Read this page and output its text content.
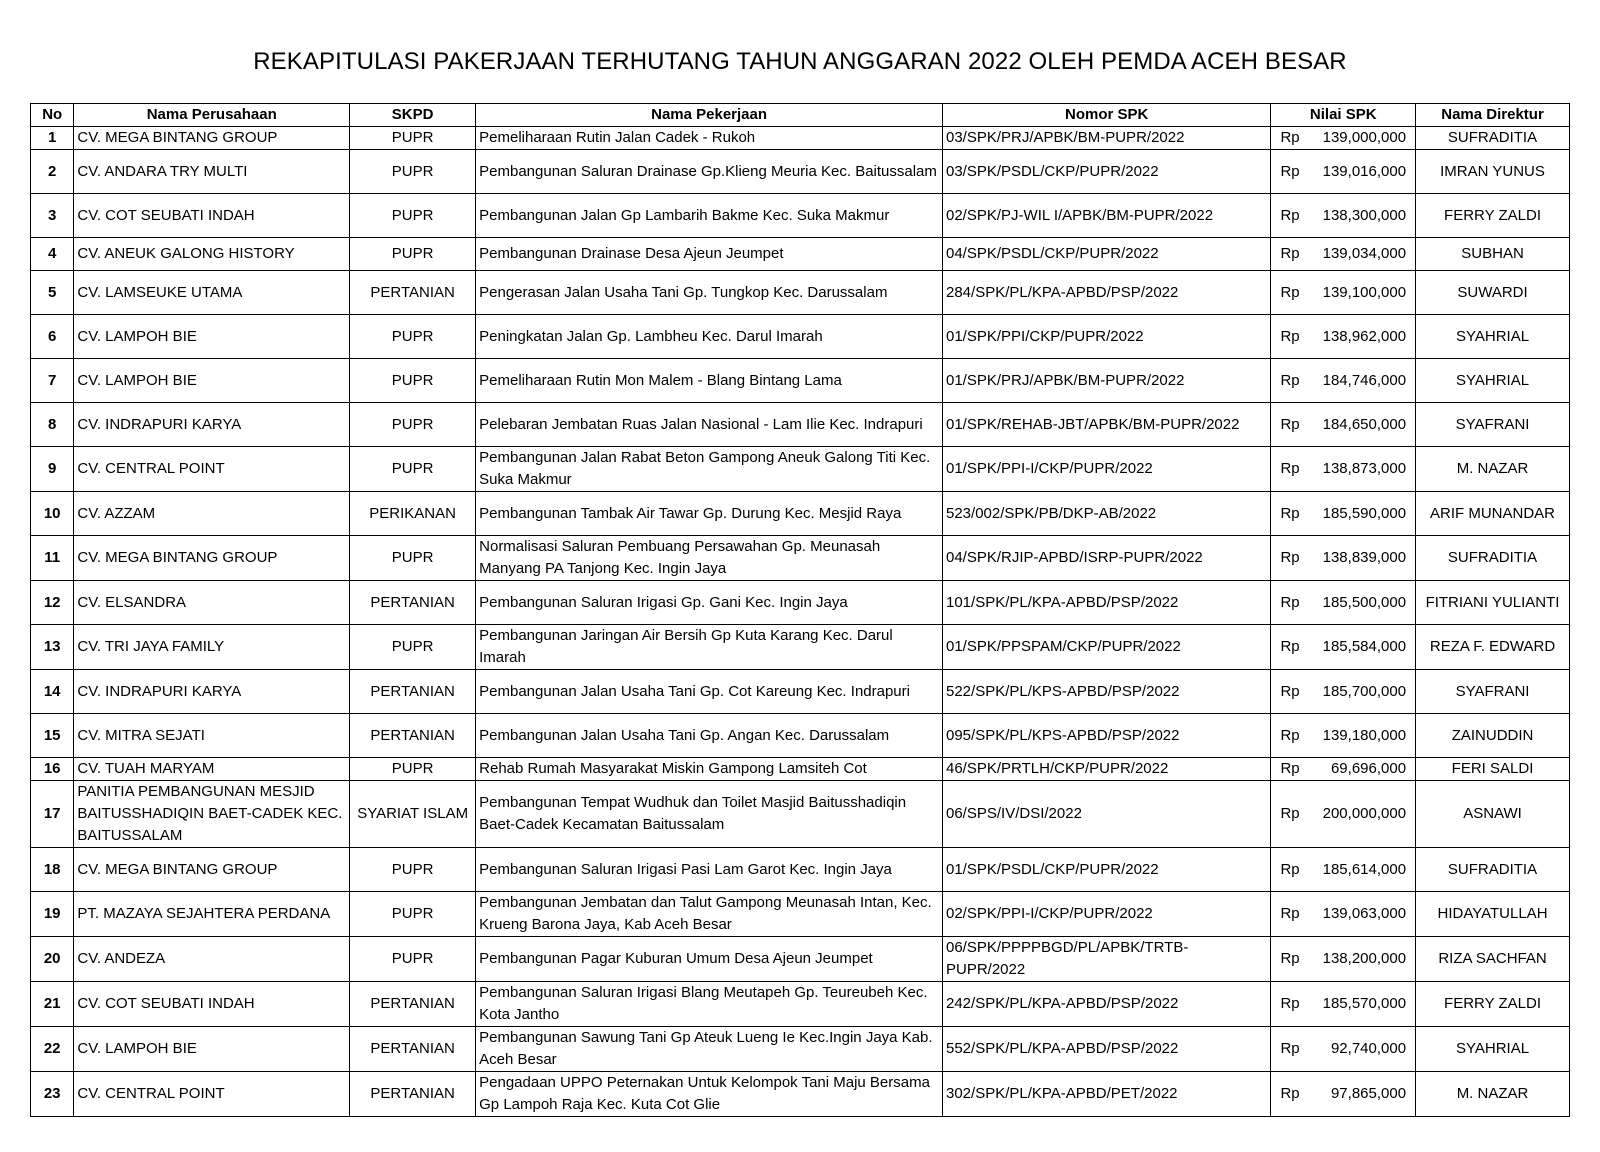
REKAPITULASI PAKERJAAN TERHUTANG TAHUN ANGGARAN 2022 OLEH PEMDA ACEH BESAR
No	Nama Perusahaan	SKPD	Nama Pekerjaan	Nomor SPK	Nilai SPK	Nama Direktur
1	CV. MEGA BINTANG GROUP	PUPR	Pemeliharaan Rutin Jalan Cadek - Rukoh	03/SPK/PRJ/APBK/BM-PUPR/2022	Rp 139,000,000	SUFRADITIA
2	CV. ANDARA TRY MULTI	PUPR	Pembangunan Saluran Drainase Gp.Klieng Meuria Kec. Baitussalam	03/SPK/PSDL/CKP/PUPR/2022	Rp 139,016,000	IMRAN YUNUS
3	CV. COT SEUBATI INDAH	PUPR	Pembangunan Jalan Gp Lambarih Bakme Kec. Suka Makmur	02/SPK/PJ-WIL I/APBK/BM-PUPR/2022	Rp 138,300,000	FERRY ZALDI
4	CV. ANEUK GALONG HISTORY	PUPR	Pembangunan Drainase Desa Ajeun Jeumpet	04/SPK/PSDL/CKP/PUPR/2022	Rp 139,034,000	SUBHAN
5	CV. LAMSEUKE UTAMA	PERTANIAN	Pengerasan Jalan Usaha Tani Gp. Tungkop Kec. Darussalam	284/SPK/PL/KPA-APBD/PSP/2022	Rp 139,100,000	SUWARDI
6	CV. LAMPOH BIE	PUPR	Peningkatan Jalan Gp. Lambheu Kec. Darul Imarah	01/SPK/PPI/CKP/PUPR/2022	Rp 138,962,000	SYAHRIAL
7	CV. LAMPOH BIE	PUPR	Pemeliharaan Rutin Mon Malem - Blang Bintang Lama	01/SPK/PRJ/APBK/BM-PUPR/2022	Rp 184,746,000	SYAHRIAL
8	CV. INDRAPURI KARYA	PUPR	Pelebaran Jembatan Ruas Jalan Nasional - Lam Ilie Kec. Indrapuri	01/SPK/REHAB-JBT/APBK/BM-PUPR/2022	Rp 184,650,000	SYAFRANI
9	CV. CENTRAL POINT	PUPR	Pembangunan Jalan Rabat Beton Gampong Aneuk Galong Titi Kec. Suka Makmur	01/SPK/PPI-I/CKP/PUPR/2022	Rp 138,873,000	M. NAZAR
10	CV. AZZAM	PERIKANAN	Pembangunan Tambak Air Tawar Gp. Durung Kec. Mesjid Raya	523/002/SPK/PB/DKP-AB/2022	Rp 185,590,000	ARIF MUNANDAR
11	CV. MEGA BINTANG GROUP	PUPR	Normalisasi Saluran Pembuang Persawahan Gp. Meunasah Manyang PA Tanjong Kec. Ingin Jaya	04/SPK/RJIP-APBD/ISRP-PUPR/2022	Rp 138,839,000	SUFRADITIA
12	CV. ELSANDRA	PERTANIAN	Pembangunan Saluran Irigasi Gp. Gani Kec. Ingin Jaya	101/SPK/PL/KPA-APBD/PSP/2022	Rp 185,500,000	FITRIANI YULIANTI
13	CV. TRI JAYA FAMILY	PUPR	Pembangunan Jaringan Air Bersih Gp Kuta Karang Kec. Darul Imarah	01/SPK/PPSPAM/CKP/PUPR/2022	Rp 185,584,000	REZA F. EDWARD
14	CV. INDRAPURI KARYA	PERTANIAN	Pembangunan Jalan Usaha Tani Gp. Cot Kareung Kec. Indrapuri	522/SPK/PL/KPS-APBD/PSP/2022	Rp 185,700,000	SYAFRANI
15	CV. MITRA SEJATI	PERTANIAN	Pembangunan Jalan Usaha Tani Gp. Angan Kec. Darussalam	095/SPK/PL/KPS-APBD/PSP/2022	Rp 139,180,000	ZAINUDDIN
16	CV. TUAH MARYAM	PUPR	Rehab Rumah Masyarakat Miskin Gampong Lamsiteh Cot	46/SPK/PRTLH/CKP/PUPR/2022	Rp 69,696,000	FERI SALDI
17	PANITIA PEMBANGUNAN MESJID BAITUSSHADIQIN BAET-CADEK KEC. BAITUSSALAM	SYARIAT ISLAM	Pembangunan Tempat Wudhuk dan Toilet Masjid Baitusshadiqin Baet-Cadek Kecamatan Baitussalam	06/SPS/IV/DSI/2022	Rp 200,000,000	ASNAWI
18	CV. MEGA BINTANG GROUP	PUPR	Pembangunan Saluran Irigasi Pasi Lam Garot Kec. Ingin Jaya	01/SPK/PSDL/CKP/PUPR/2022	Rp 185,614,000	SUFRADITIA
19	PT. MAZAYA SEJAHTERA PERDANA	PUPR	Pembangunan Jembatan dan Talut Gampong Meunasah Intan, Kec. Krueng Barona Jaya, Kab Aceh Besar	02/SPK/PPI-I/CKP/PUPR/2022	Rp 139,063,000	HIDAYATULLAH
20	CV. ANDEZA	PUPR	Pembangunan Pagar Kuburan Umum Desa Ajeun Jeumpet	06/SPK/PPPPBGD/PL/APBK/TRTB-PUPR/2022	Rp 138,200,000	RIZA SACHFAN
21	CV. COT SEUBATI INDAH	PERTANIAN	Pembangunan Saluran Irigasi Blang Meutapeh Gp. Teureubeh Kec. Kota Jantho	242/SPK/PL/KPA-APBD/PSP/2022	Rp 185,570,000	FERRY ZALDI
22	CV. LAMPOH BIE	PERTANIAN	Pembangunan Sawung Tani Gp Ateuk Lueng Ie Kec.Ingin Jaya Kab. Aceh Besar	552/SPK/PL/KPA-APBD/PSP/2022	Rp 92,740,000	SYAHRIAL
23	CV. CENTRAL POINT	PERTANIAN	Pengadaan UPPO Peternakan Untuk Kelompok Tani Maju Bersama Gp Lampoh Raja Kec. Kuta Cot Glie	302/SPK/PL/KPA-APBD/PET/2022	Rp 97,865,000	M. NAZAR
